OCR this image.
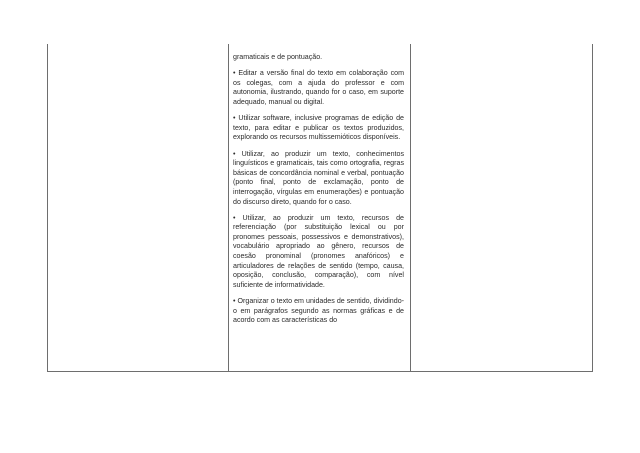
gramaticais e de pontuação.

• Editar a versão final do texto em colaboração com os colegas, com a ajuda do professor e com autonomia, ilustrando, quando for o caso, em suporte adequado, manual ou digital.

• Utilizar software, inclusive programas de edição de texto, para editar e publicar os textos produzidos, explorando os recursos multissemióticos disponíveis.

• Utilizar, ao produzir um texto, conhecimentos linguísticos e gramaticais, tais como ortografia, regras básicas de concordância nominal e verbal, pontuação (ponto final, ponto de exclamação, ponto de interrogação, vírgulas em enumerações) e pontuação do discurso direto, quando for o caso.

• Utilizar, ao produzir um texto, recursos de referenciação (por substituição lexical ou por pronomes pessoais, possessivos e demonstrativos), vocabulário apropriado ao gênero, recursos de coesão pronominal (pronomes anafóricos) e articuladores de relações de sentido (tempo, causa, oposição, conclusão, comparação), com nível suficiente de informatividade.

• Organizar o texto em unidades de sentido, dividindo-o em parágrafos segundo as normas gráficas e de acordo com as características do
